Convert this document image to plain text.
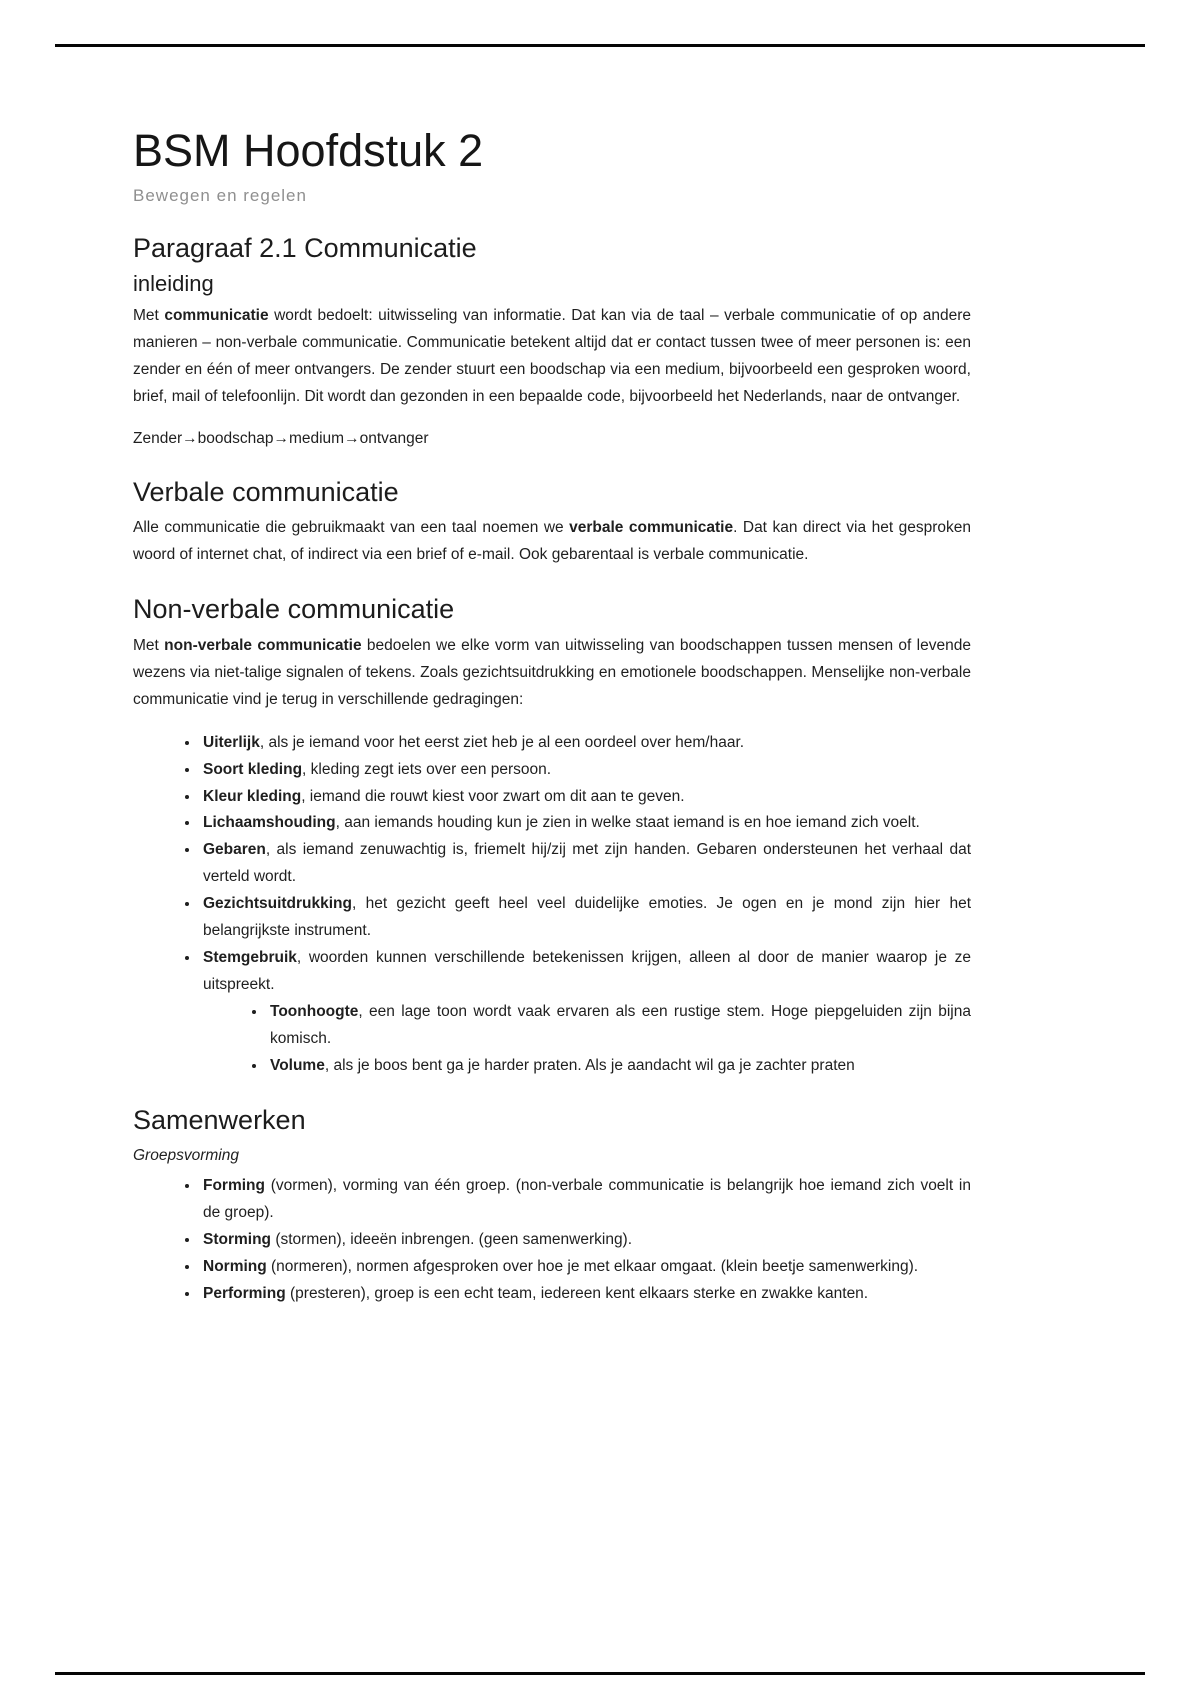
BSM Hoofdstuk 2
Bewegen en regelen
Paragraaf 2.1 Communicatie
inleiding

Met communicatie wordt bedoelt: uitwisseling van informatie. Dat kan via de taal – verbale communicatie of op andere manieren – non-verbale communicatie. Communicatie betekent altijd dat er contact tussen twee of meer personen is: een zender en één of meer ontvangers. De zender stuurt een boodschap via een medium, bijvoorbeeld een gesproken woord, brief, mail of telefoonlijn. Dit wordt dan gezonden in een bepaalde code, bijvoorbeeld het Nederlands, naar de ontvanger.

Zender→boodschap→medium→ontvanger

Verbale communicatie

Alle communicatie die gebruikmaakt van een taal noemen we verbale communicatie. Dat kan direct via het gesproken woord of internet chat, of indirect via een brief of e-mail. Ook gebarentaal is verbale communicatie.

Non-verbale communicatie

Met non-verbale communicatie bedoelen we elke vorm van uitwisseling van boodschappen tussen mensen of levende wezens via niet-talige signalen of tekens. Zoals gezichtsuitdrukking en emotionele boodschappen. Menselijke non-verbale communicatie vind je terug in verschillende gedragingen:

• Uiterlijk, als je iemand voor het eerst ziet heb je al een oordeel over hem/haar.
• Soort kleding, kleding zegt iets over een persoon.
• Kleur kleding, iemand die rouwt kiest voor zwart om dit aan te geven.
• Lichaamshouding, aan iemands houding kun je zien in welke staat iemand is en hoe iemand zich voelt.
• Gebaren, als iemand zenuwachtig is, friemelt hij/zij met zijn handen. Gebaren ondersteunen het verhaal dat verteld wordt.
• Gezichtsuitdrukking, het gezicht geeft heel veel duidelijke emoties. Je ogen en je mond zijn hier het belangrijkste instrument.
• Stemgebruik, woorden kunnen verschillende betekenissen krijgen, alleen al door de manier waarop je ze uitspreekt.
• Toonhoogte, een lage toon wordt vaak ervaren als een rustige stem. Hoge piepgeluiden zijn bijna komisch.
• Volume, als je boos bent ga je harder praten. Als je aandacht wil ga je zachter praten
Samenwerken
Groepsvorming
• Forming (vormen), vorming van één groep. (non-verbale communicatie is belangrijk hoe iemand zich voelt in de groep).
• Storming (stormen), ideeën inbrengen. (geen samenwerking).
• Norming (normeren), normen afgesproken over hoe je met elkaar omgaat. (klein beetje samenwerking).
• Performing (presteren), groep is een echt team, iedereen kent elkaars sterke en zwakke kanten.
